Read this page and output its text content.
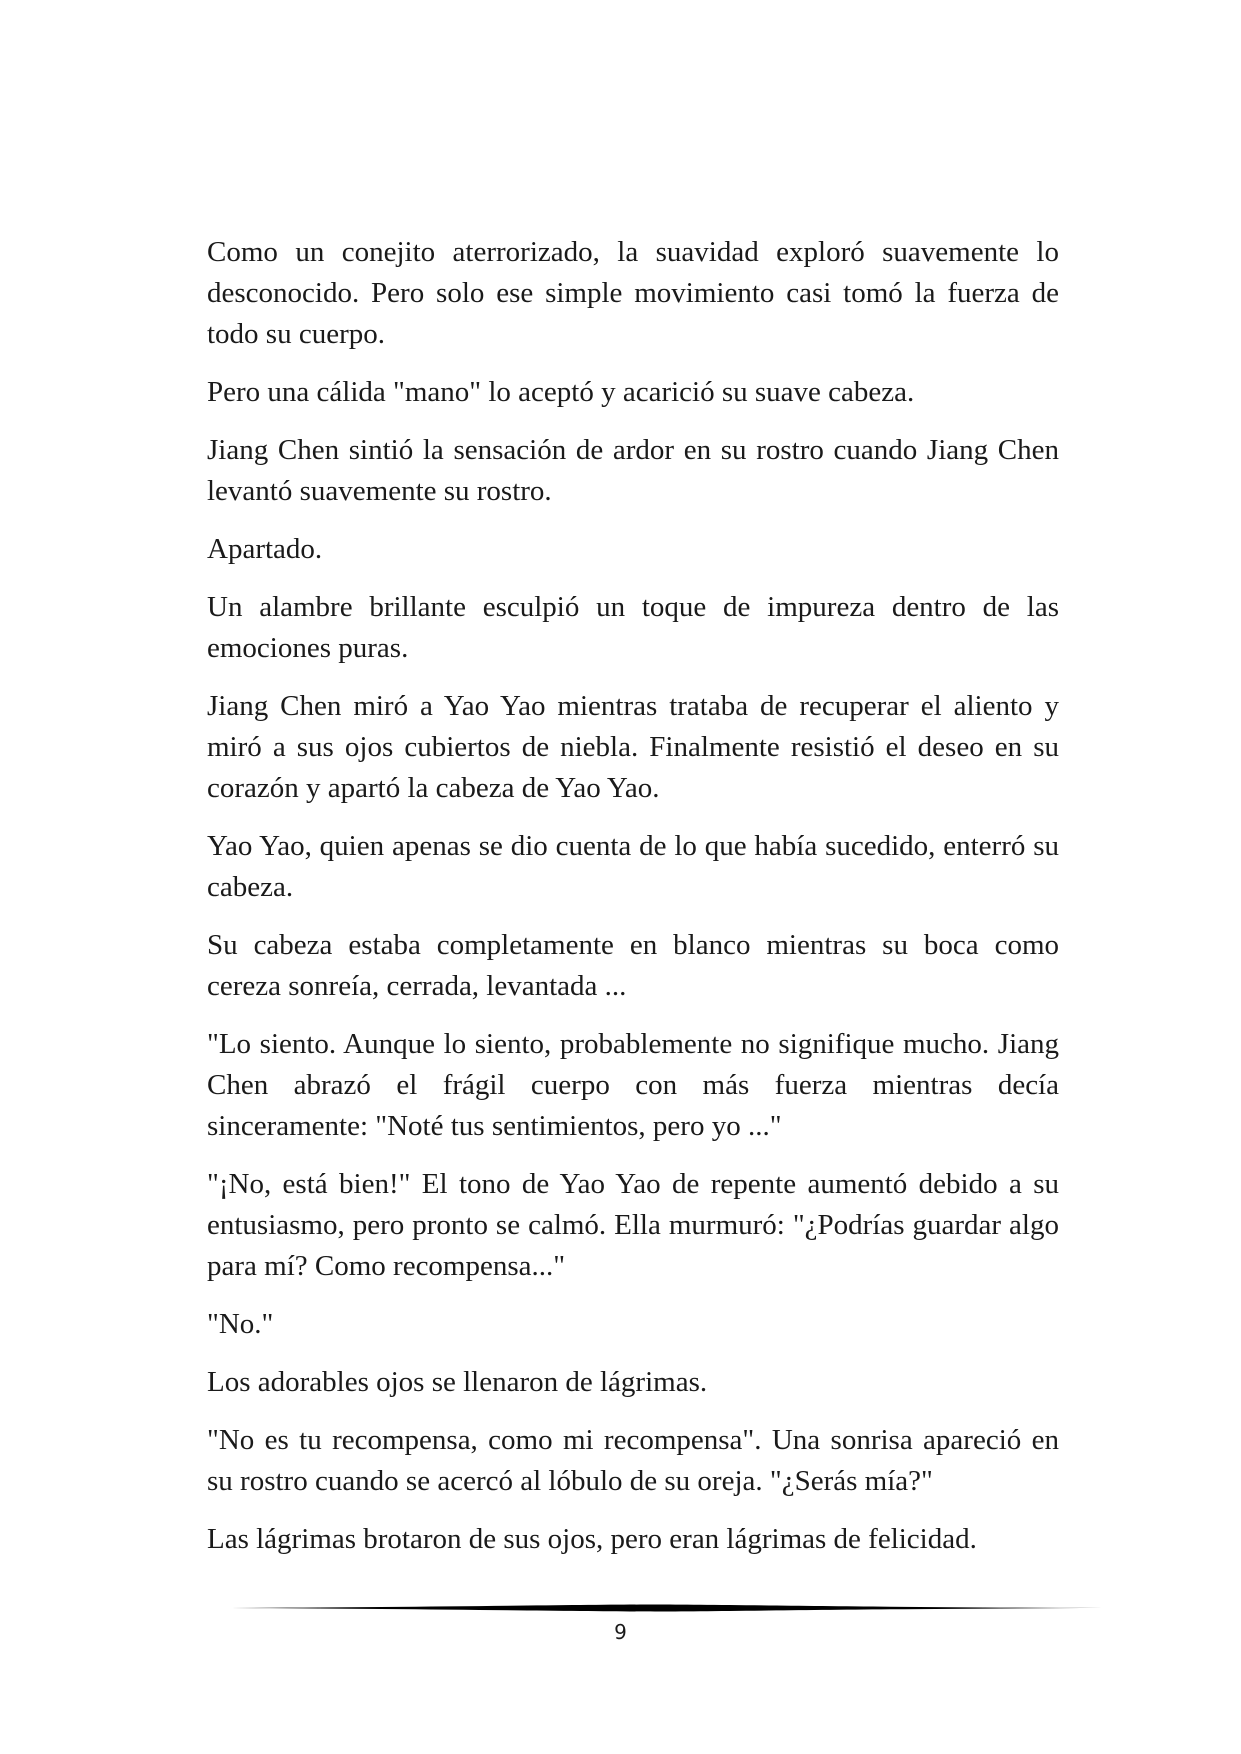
Como un conejito aterrorizado, la suavidad exploró suavemente lo desconocido. Pero solo ese simple movimiento casi tomó la fuerza de todo su cuerpo.

Pero una cálida "mano" lo aceptó y acarició su suave cabeza.

Jiang Chen sintió la sensación de ardor en su rostro cuando Jiang Chen levantó suavemente su rostro.

Apartado.

Un alambre brillante esculpió un toque de impureza dentro de las emociones puras.

Jiang Chen miró a Yao Yao mientras trataba de recuperar el aliento y miró a sus ojos cubiertos de niebla. Finalmente resistió el deseo en su corazón y apartó la cabeza de Yao Yao.

Yao Yao, quien apenas se dio cuenta de lo que había sucedido, enterró su cabeza.

Su cabeza estaba completamente en blanco mientras su boca como cereza sonreía, cerrada, levantada ...

"Lo siento. Aunque lo siento, probablemente no signifique mucho. Jiang Chen abrazó el frágil cuerpo con más fuerza mientras decía sinceramente: "Noté tus sentimientos, pero yo ..."

"¡No, está bien!" El tono de Yao Yao de repente aumentó debido a su entusiasmo, pero pronto se calmó. Ella murmuró: "¿Podrías guardar algo para mí? Como recompensa..."

"No."

Los adorables ojos se llenaron de lágrimas.

"No es tu recompensa, como mi recompensa". Una sonrisa apareció en su rostro cuando se acercó al lóbulo de su oreja. "¿Serás mía?"

Las lágrimas brotaron de sus ojos, pero eran lágrimas de felicidad.

9
